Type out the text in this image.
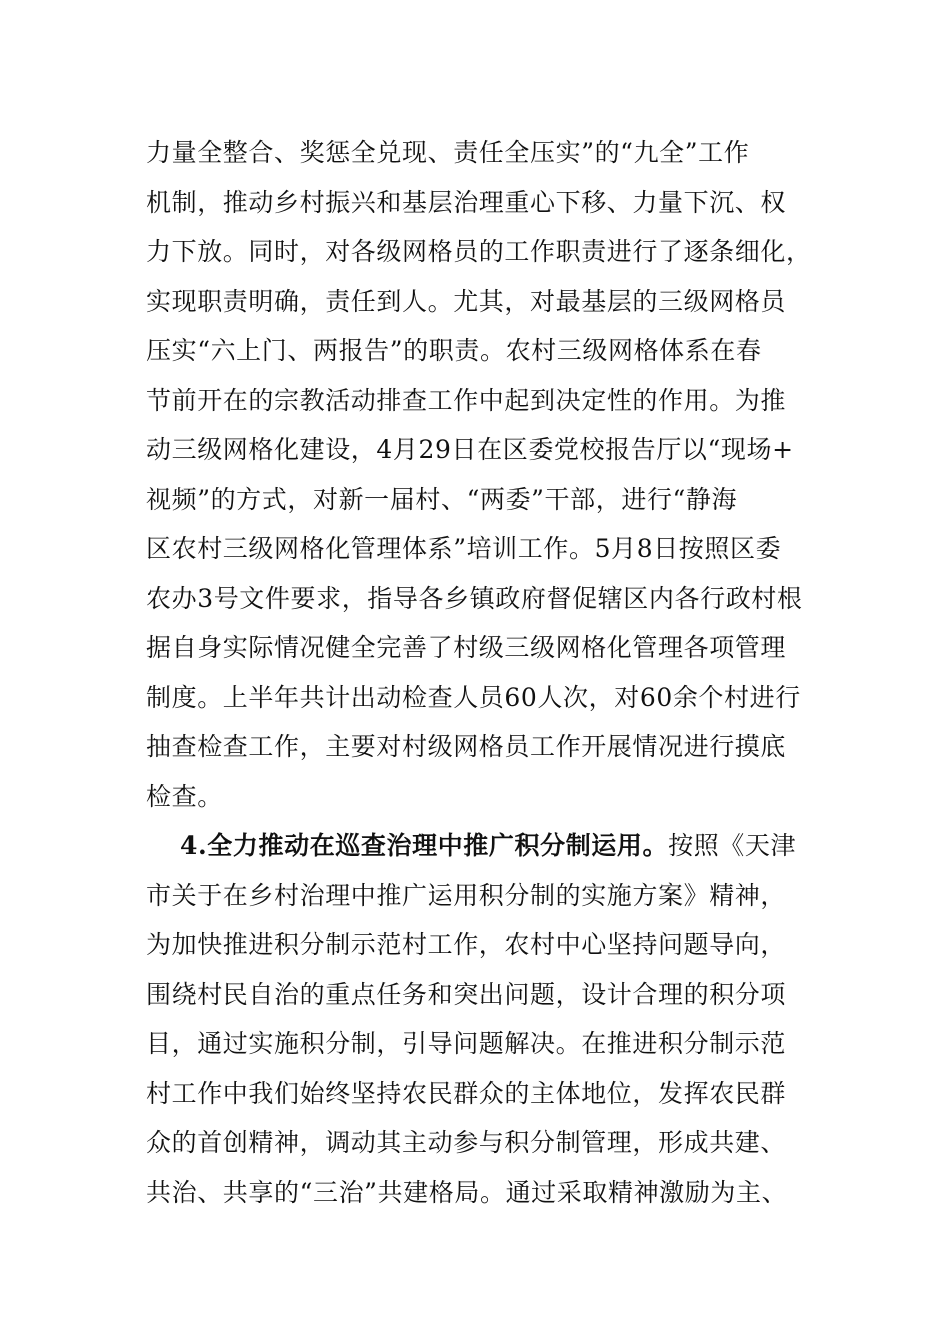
力量全整合、奖惩全兑现、责任全压实”的“九全”工作
机制，推动乡村振兴和基层治理重心下移、力量下沉、权
力下放。同时，对各级网格员的工作职责进行了逐条细化，
实现职责明确，责任到人。尤其，对最基层的三级网格员
压实“六上门、两报告”的职责。农村三级网格体系在春
节前开在的宗教活动排查工作中起到决定性的作用。为推
动三级网格化建设，4月29日在区委党校报告厅以“现场+
视频”的方式，对新一届村、“两委”干部，进行“静海
区农村三级网格化管理体系”培训工作。5月8日按照区委
农办3号文件要求，指导各乡镇政府督促辖区内各行政村根
据自身实际情况健全完善了村级三级网格化管理各项管理
制度。上半年共计出动检查人员60人次，对60余个村进行
抽查检查工作，主要对村级网格员工作开展情况进行摸底
检查。
4.全力推动在巡查治理中推广积分制运用。按照《天津
市关于在乡村治理中推广运用积分制的实施方案》精神，
为加快推进积分制示范村工作，农村中心坚持问题导向，
围绕村民自治的重点任务和突出问题，设计合理的积分项
目，通过实施积分制，引导问题解决。在推进积分制示范
村工作中我们始终坚持农民群众的主体地位，发挥农民群
众的首创精神，调动其主动参与积分制管理，形成共建、
共治、共享的“三治”共建格局。通过采取精神激励为主、
